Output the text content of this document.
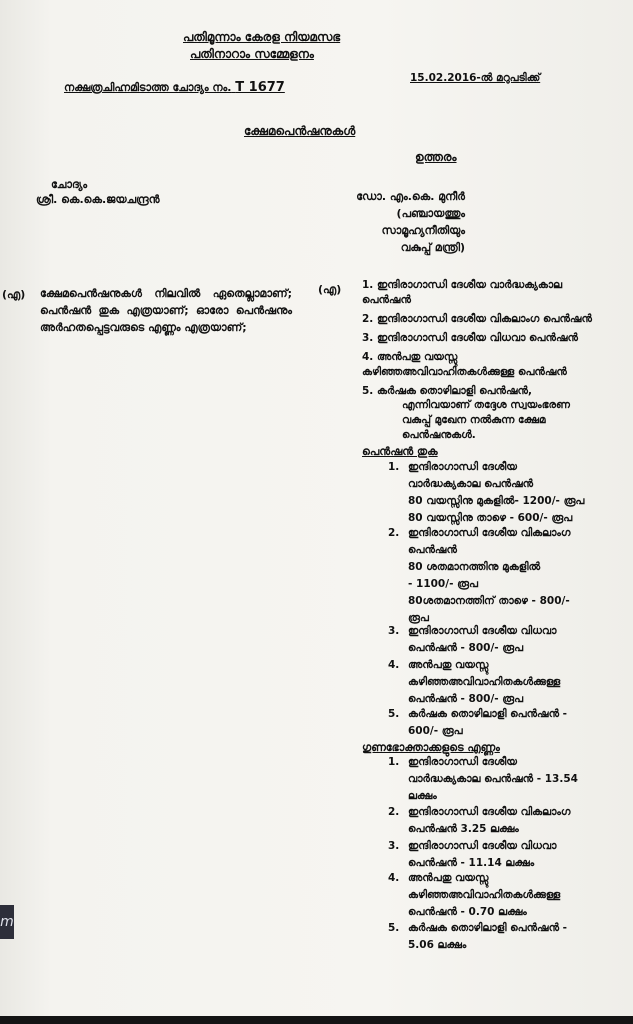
പതിമൂന്നാം കേരള നിയമസഭ
പതിനാറാം സമ്മേളനം
നക്ഷത്രചിഹ്നമിടാത്ത ചോദ്യം നം. T 1677
15.02.2016-ൽ മറുപടിക്ക്
ക്ഷേമപെൻഷനുകൾ
ഉത്തരം
ചോദ്യം
ശ്രീ. കെ.കെ.ജയചന്ദ്രൻ	ഡോ. എം.കെ. മുനീർ
(പഞ്ചായത്തും സാമൂഹ്യനീതിയും
വകുപ്പ് മന്ത്രി)
(എ) ക്ഷേമപെൻഷനുകൾ നിലവിൽ ഏതെല്ലാമാണ്; പെൻഷൻ തുക എത്രയാണ്; ഓരോ പെൻഷനും അർഹതപ്പെട്ടവരുടെ എണ്ണം എത്രയാണ്;
(എ) 1. ഇന്ദിരാഗാന്ധി ദേശീയ വാർദ്ധക്യകാല പെൻഷൻ
2. ഇന്ദിരാഗാന്ധി ദേശീയ വികലാംഗ പെൻഷൻ
3. ഇന്ദിരാഗാന്ധി ദേശീയ വിധവാ പെൻഷൻ
4. അൻപതു വയസ്സു കഴിഞ്ഞഅവിവാഹിതകൾക്കുള്ള പെൻഷൻ
5. കർഷക തൊഴിലാളി പെൻഷൻ,
എന്നിവയാണ് തദ്ദേശ സ്വയംഭരണ വകുപ്പ് മുഖേന നൽകുന്ന ക്ഷേമ പെൻഷനുകൾ.
പെൻഷൻ തുക
1. ഇന്ദിരാഗാന്ധി ദേശീയ
വാർദ്ധക്യകാല പെൻഷൻ
80 വയസ്സിനു മുകളിൽ- 1200/- രൂപ
80 വയസ്സിനു താഴെ - 600/- രൂപ
2. ഇന്ദിരാഗാന്ധി ദേശീയ വികലാംഗ
പെൻഷൻ
80 ശതമാനത്തിനു മുകളിൽ
- 1100/- രൂപ
80ശതമാനത്തിന് താഴെ - 800/-
രൂപ
3. ഇന്ദിരാഗാന്ധി ദേശീയ വിധവാ
പെൻഷൻ - 800/- രൂപ
4. അൻപതു വയസ്സു
കഴിഞ്ഞഅവിവാഹിതകൾക്കുള്ള
പെൻഷൻ - 800/- രൂപ
5. കർഷക തൊഴിലാളി പെൻഷൻ -
600/- രൂപ
ഗുണഭോക്താക്കളുടെ എണ്ണം
1. ഇന്ദിരാഗാന്ധി ദേശീയ
വാർദ്ധക്യകാല പെൻഷൻ - 13.54
ലക്ഷം
2. ഇന്ദിരാഗാന്ധി ദേശീയ വികലാംഗ
പെൻഷൻ 3.25 ലക്ഷം
3. ഇന്ദിരാഗാന്ധി ദേശീയ വിധവാ
പെൻഷൻ - 11.14 ലക്ഷം
4. അൻപതു വയസ്സു
കഴിഞ്ഞഅവിവാഹിതകൾക്കുള്ള
പെൻഷൻ - 0.70 ലക്ഷം
5. കർഷക തൊഴിലാളി പെൻഷൻ -
5.06 ലക്ഷം
m
